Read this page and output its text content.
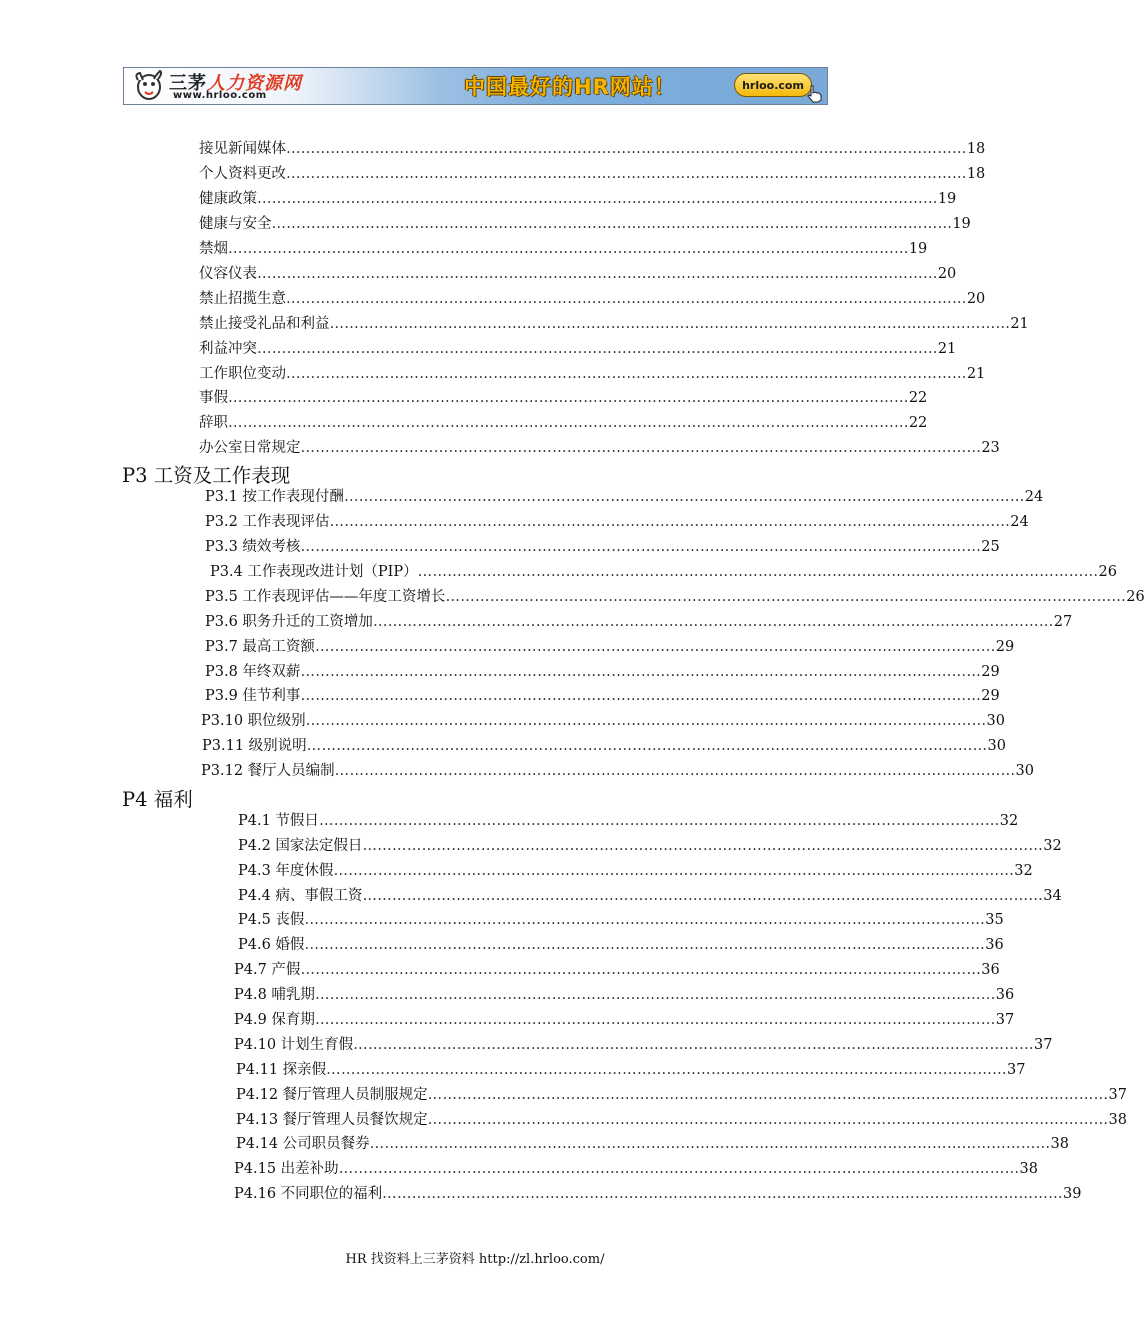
三茅人力资源网
www.hrloo.com	中国最好的HR网站！	hrloo.com
接见新闻媒体 ………………………………………………………………………………………………………………………… 18
个人资料更改 ………………………………………………………………………………………………………………………… 18
健康政策 ………………………………………………………………………………………………………………………… 19
健康与安全 ………………………………………………………………………………………………………………………… 19
禁烟 ………………………………………………………………………………………………………………………… 19
仪容仪表 ………………………………………………………………………………………………………………………… 20
禁止招揽生意 ………………………………………………………………………………………………………………………… 20
禁止接受礼品和利益 ………………………………………………………………………………………………………………………… 21
利益冲突 ………………………………………………………………………………………………………………………… 21
工作职位变动 ………………………………………………………………………………………………………………………… 21
事假 ………………………………………………………………………………………………………………………… 22
辞职 ………………………………………………………………………………………………………………………… 22
办公室日常规定 ………………………………………………………………………………………………………………………… 23
P3 工资及工作表现
P3.1 按工作表现付酬 ………………………………………………………………………………………………………………………… 24
P3.2 工作表现评估 ………………………………………………………………………………………………………………………… 24
P3.3 绩效考核 ………………………………………………………………………………………………………………………… 25
P3.4 工作表现改进计划（PIP） ………………………………………………………………………………………………………………………… 26
P3.5 工作表现评估——年度工资增长 ………………………………………………………………………………………………………………………… 26
P3.6 职务升迁的工资增加 ………………………………………………………………………………………………………………………… 27
P3.7 最高工资额 ………………………………………………………………………………………………………………………… 29
P3.8 年终双薪 ………………………………………………………………………………………………………………………… 29
P3.9 佳节利事 ………………………………………………………………………………………………………………………… 29
P3.10 职位级别 ………………………………………………………………………………………………………………………… 30
P3.11 级别说明 ………………………………………………………………………………………………………………………… 30
P3.12 餐厅人员编制 ………………………………………………………………………………………………………………………… 30
P4 福利
P4.1 节假日 ………………………………………………………………………………………………………………………… 32
P4.2 国家法定假日 ………………………………………………………………………………………………………………………… 32
P4.3 年度休假 ………………………………………………………………………………………………………………………… 32
P4.4 病、事假工资 ………………………………………………………………………………………………………………………… 34
P4.5 丧假 ………………………………………………………………………………………………………………………… 35
P4.6 婚假 ………………………………………………………………………………………………………………………… 36
P4.7 产假 ………………………………………………………………………………………………………………………… 36
P4.8 哺乳期 ………………………………………………………………………………………………………………………… 36
P4.9 保育期 ………………………………………………………………………………………………………………………… 37
P4.10 计划生育假 ………………………………………………………………………………………………………………………… 37
P4.11 探亲假 ………………………………………………………………………………………………………………………… 37
P4.12 餐厅管理人员制服规定 ………………………………………………………………………………………………………………………… 37
P4.13 餐厅管理人员餐饮规定 ………………………………………………………………………………………………………………………… 38
P4.14 公司职员餐券 ………………………………………………………………………………………………………………………… 38
P4.15 出差补助 ………………………………………………………………………………………………………………………… 38
P4.16 不同职位的福利 ………………………………………………………………………………………………………………………… 39
HR 找资料上三茅资料 http://zl.hrloo.com/
